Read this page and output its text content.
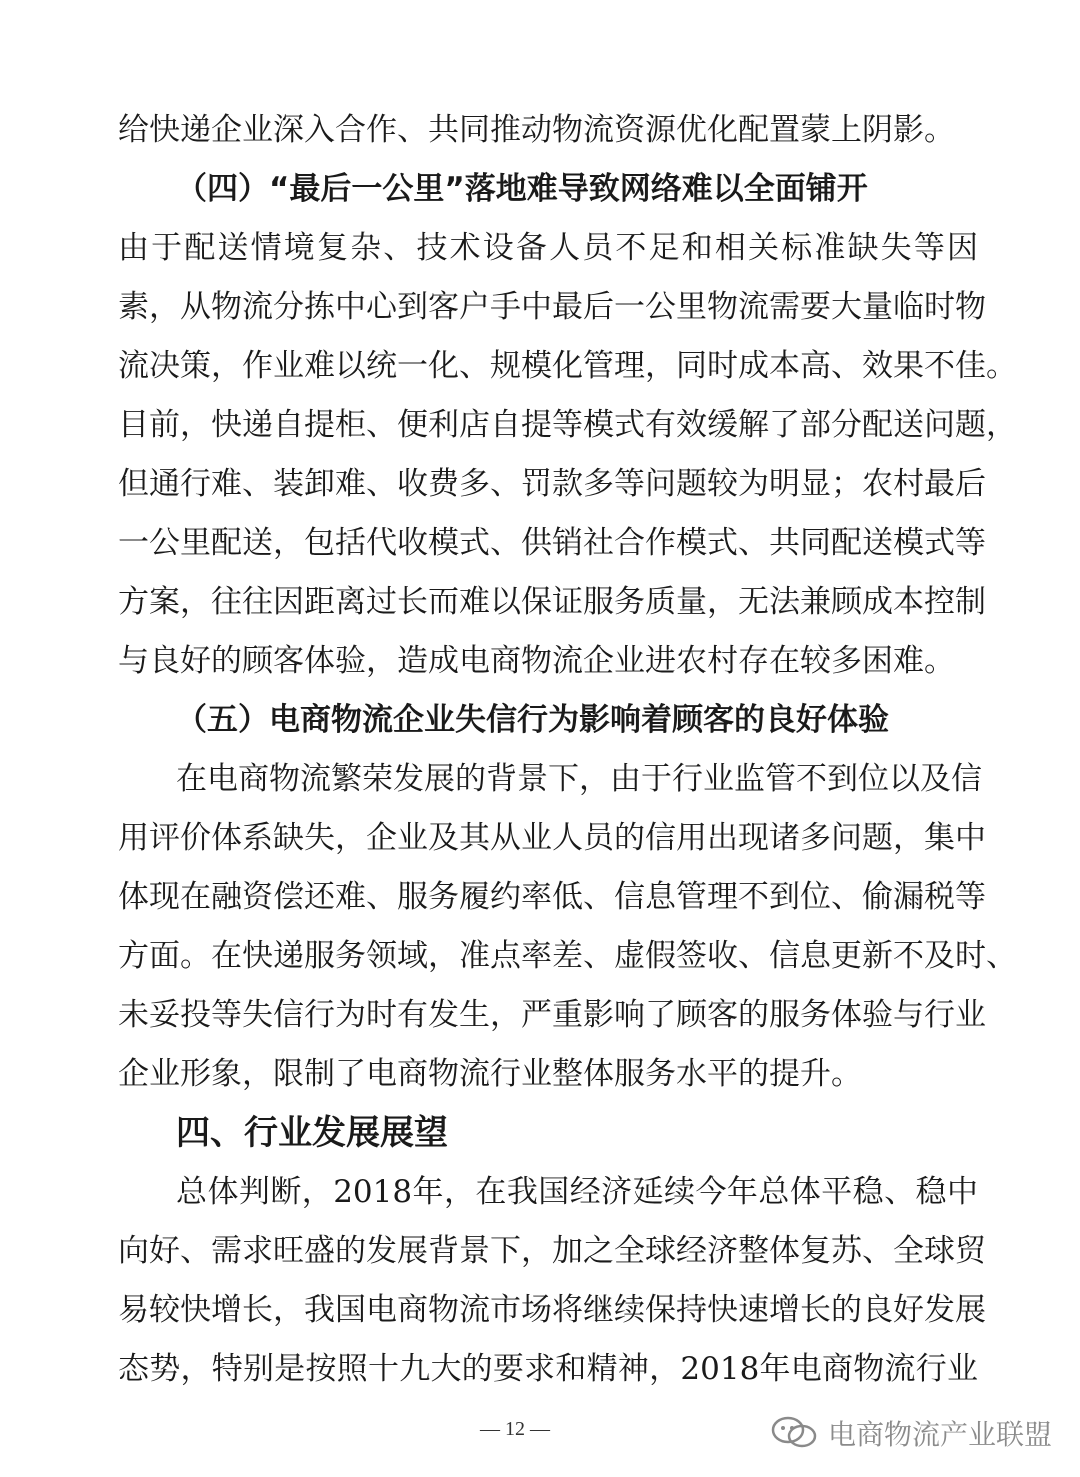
给快递企业深入合作、共同推动物流资源优化配置蒙上阴影。
（四）“最后一公里”落地难导致网络难以全面铺开
由于配送情境复杂、技术设备人员不足和相关标准缺失等因
素，从物流分拣中心到客户手中最后一公里物流需要大量临时物
流决策，作业难以统一化、规模化管理，同时成本高、效果不佳。
目前，快递自提柜、便利店自提等模式有效缓解了部分配送问题，
但通行难、装卸难、收费多、罚款多等问题较为明显；农村最后
一公里配送，包括代收模式、供销社合作模式、共同配送模式等
方案，往往因距离过长而难以保证服务质量，无法兼顾成本控制
与良好的顾客体验，造成电商物流企业进农村存在较多困难。
（五）电商物流企业失信行为影响着顾客的良好体验
在电商物流繁荣发展的背景下，由于行业监管不到位以及信
用评价体系缺失，企业及其从业人员的信用出现诸多问题，集中
体现在融资偿还难、服务履约率低、信息管理不到位、偷漏税等
方面。在快递服务领域，准点率差、虚假签收、信息更新不及时、
未妥投等失信行为时有发生，严重影响了顾客的服务体验与行业
企业形象，限制了电商物流行业整体服务水平的提升。
四、行业发展展望
总体判断，2018年，在我国经济延续今年总体平稳、稳中
向好、需求旺盛的发展背景下，加之全球经济整体复苏、全球贸
易较快增长，我国电商物流市场将继续保持快速增长的良好发展
态势，特别是按照十九大的要求和精神，2018年电商物流行业
— 12 —	电商物流产业联盟
